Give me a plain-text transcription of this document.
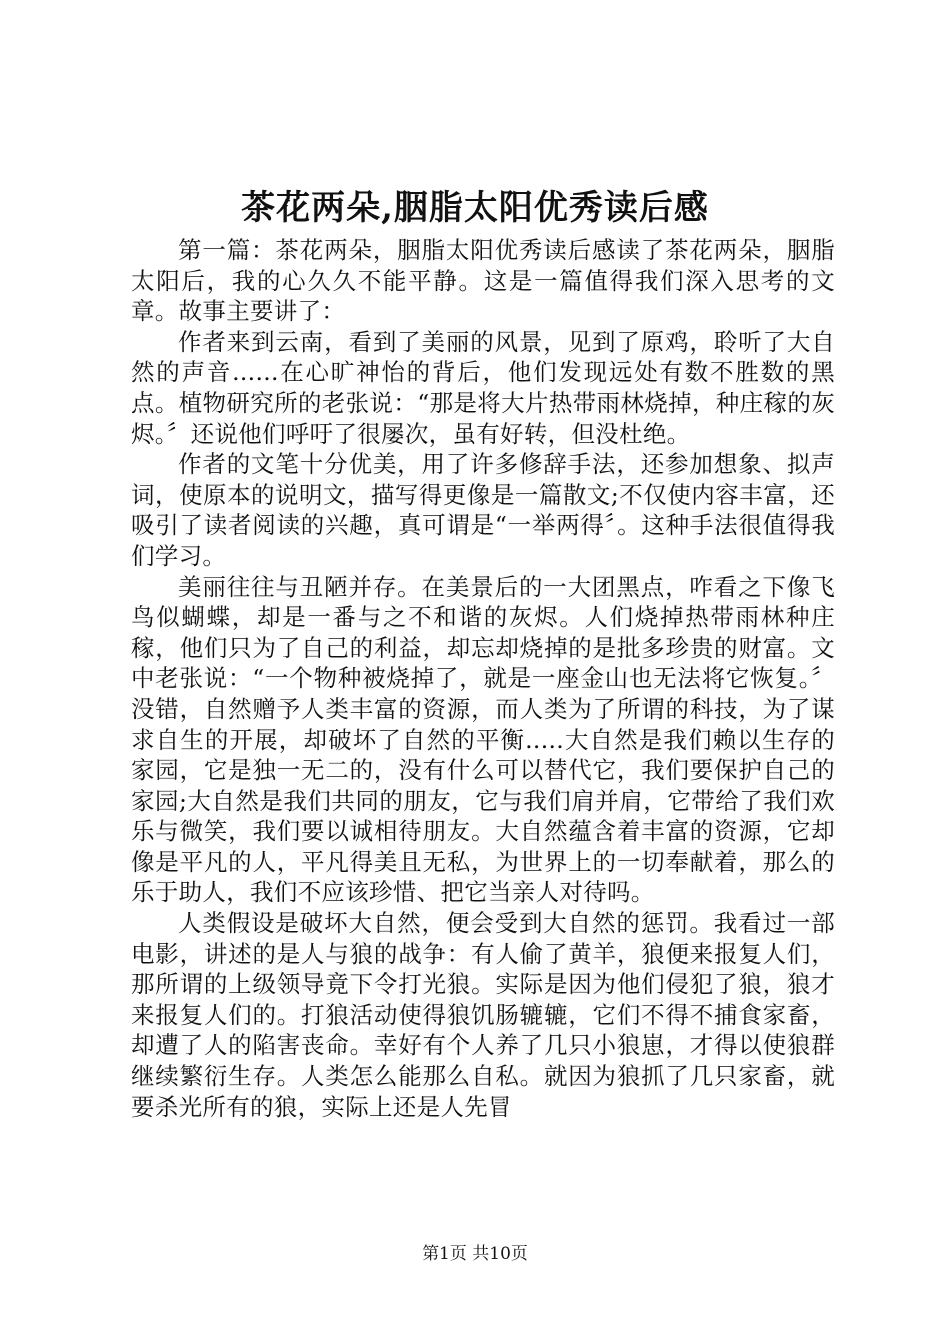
茶花两朵,胭脂太阳优秀读后感

第一篇：茶花两朵，胭脂太阳优秀读后感读了茶花两朵，胭脂太阳后，我的心久久不能平静。这是一篇值得我们深入思考的文章。故事主要讲了：

作者来到云南，看到了美丽的风景，见到了原鸡，聆听了大自然的声音......在心旷神怡的背后，他们发现远处有数不胜数的黑点。植物研究所的老张说：“那是将大片热带雨林烧掉，种庄稼的灰烬。〞还说他们呼吁了很屡次，虽有好转，但没杜绝。

作者的文笔十分优美，用了许多修辞手法，还参加想象、拟声词，使原本的说明文，描写得更像是一篇散文;不仅使内容丰富，还吸引了读者阅读的兴趣，真可谓是“一举两得〞。这种手法很值得我们学习。

美丽往往与丑陋并存。在美景后的一大团黑点，咋看之下像飞鸟似蝴蝶，却是一番与之不和谐的灰烬。人们烧掉热带雨林种庄稼，他们只为了自己的利益，却忘却烧掉的是批多珍贵的财富。文中老张说：“一个物种被烧掉了，就是一座金山也无法将它恢复。〞没错，自然赠予人类丰富的资源，而人类为了所谓的科技，为了谋求自生的开展，却破坏了自然的平衡.....大自然是我们赖以生存的家园，它是独一无二的，没有什么可以替代它，我们要保护自己的家园;大自然是我们共同的朋友，它与我们肩并肩，它带给了我们欢乐与微笑，我们要以诚相待朋友。大自然蕴含着丰富的资源，它却像是平凡的人，平凡得美且无私，为世界上的一切奉献着，那么的乐于助人，我们不应该珍惜、把它当亲人对待吗。

人类假设是破坏大自然，便会受到大自然的惩罚。我看过一部电影，讲述的是人与狼的战争：有人偷了黄羊，狼便来报复人们，那所谓的上级领导竟下令打光狼。实际是因为他们侵犯了狼，狼才来报复人们的。打狼活动使得狼饥肠辘辘，它们不得不捕食家畜，却遭了人的陷害丧命。幸好有个人养了几只小狼崽，才得以使狼群继续繁衍生存。人类怎么能那么自私。就因为狼抓了几只家畜，就要杀光所有的狼，实际上还是人先冒

第1页 共10页
